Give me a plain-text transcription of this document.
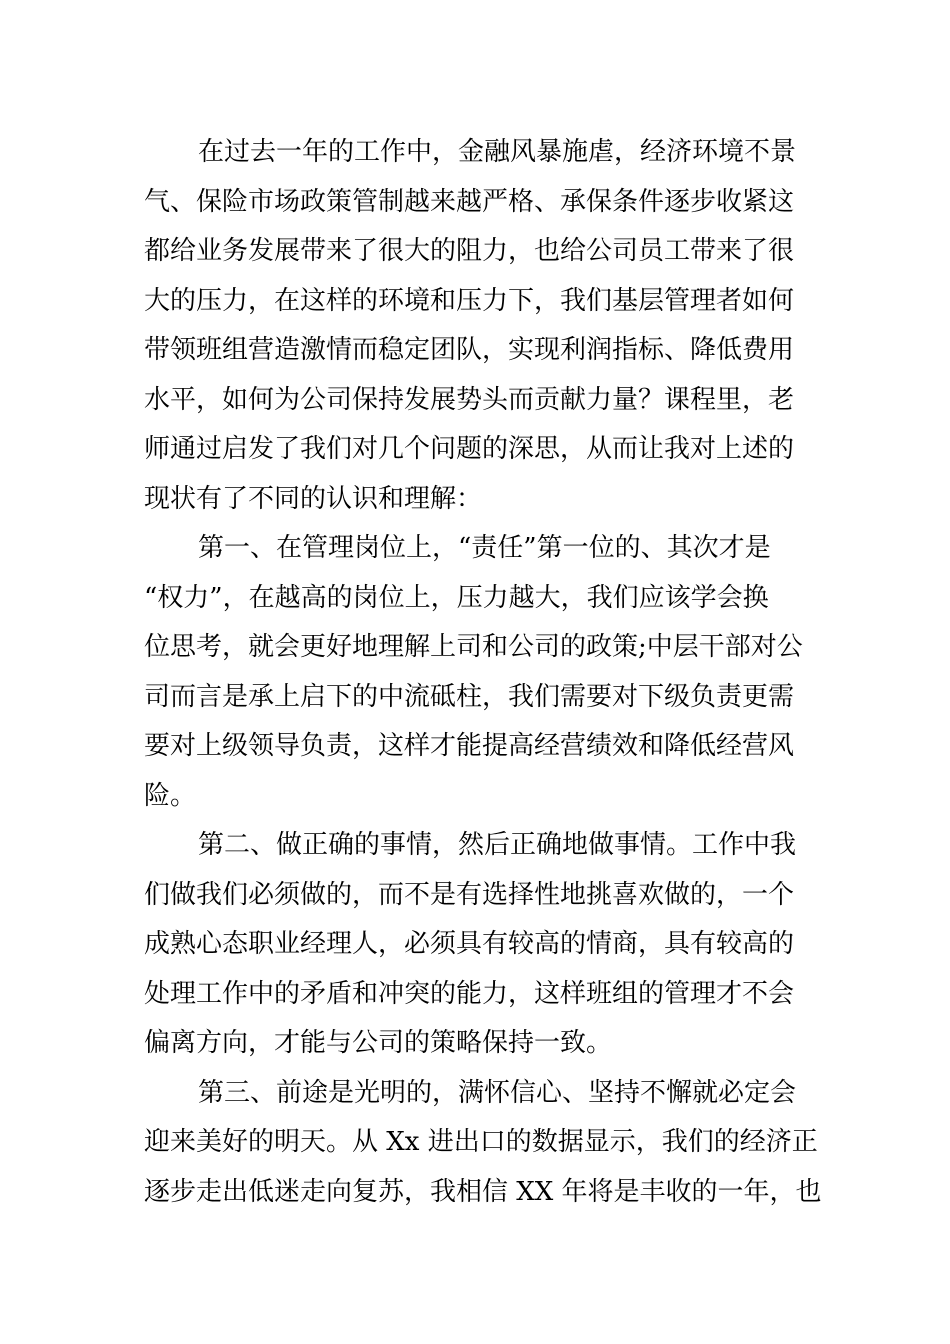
在过去一年的工作中，金融风暴施虐，经济环境不景
气、保险市场政策管制越来越严格、承保条件逐步收紧这
都给业务发展带来了很大的阻力，也给公司员工带来了很
大的压力，在这样的环境和压力下，我们基层管理者如何
带领班组营造激情而稳定团队，实现利润指标、降低费用
水平，如何为公司保持发展势头而贡献力量？课程里，老
师通过启发了我们对几个问题的深思，从而让我对上述的
现状有了不同的认识和理解：
第一、在管理岗位上，“责任”第一位的、其次才是
“权力”，在越高的岗位上，压力越大，我们应该学会换
位思考，就会更好地理解上司和公司的政策;中层干部对公
司而言是承上启下的中流砥柱，我们需要对下级负责更需
要对上级领导负责，这样才能提高经营绩效和降低经营风
险。
第二、做正确的事情，然后正确地做事情。工作中我
们做我们必须做的，而不是有选择性地挑喜欢做的，一个
成熟心态职业经理人，必须具有较高的情商，具有较高的
处理工作中的矛盾和冲突的能力，这样班组的管理才不会
偏离方向，才能与公司的策略保持一致。
第三、前途是光明的，满怀信心、坚持不懈就必定会
迎来美好的明天。从 Xx 进出口的数据显示，我们的经济正
逐步走出低迷走向复苏，我相信 XX 年将是丰收的一年，也
